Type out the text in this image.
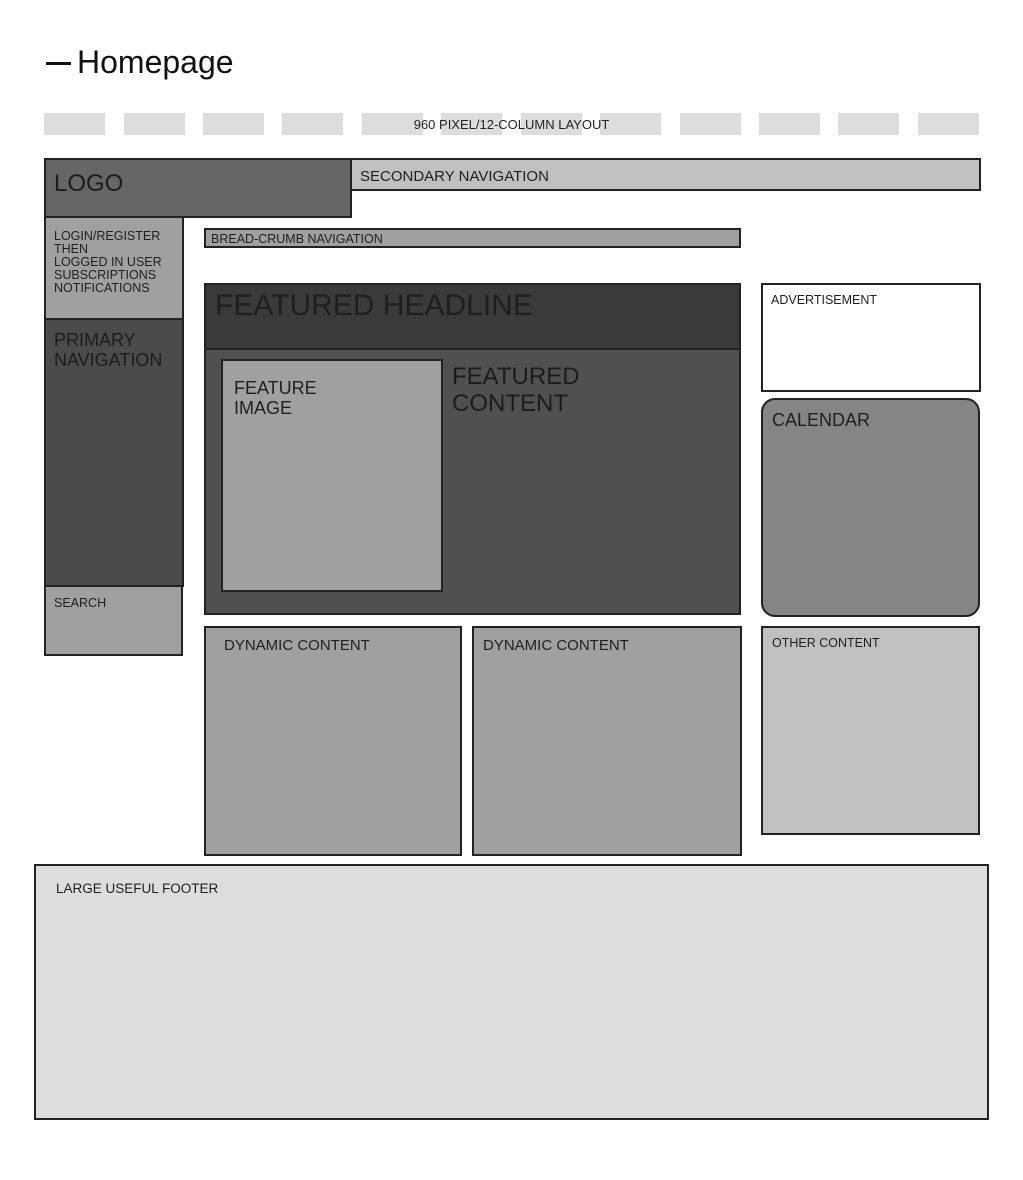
Homepage
960 PIXEL/12-COLUMN LAYOUT
LOGO	SECONDARY NAVIGATION
LOGIN/REGISTER
THEN
LOGGED IN USER
SUBSCRIPTIONS
NOTIFICATIONS
PRIMARY
NAVIGATION
SEARCH
BREAD-CRUMB NAVIGATION
FEATURED HEADLINE
FEATURE
IMAGE
FEATURED
CONTENT
ADVERTISEMENT
CALENDAR
DYNAMIC CONTENT	DYNAMIC CONTENT	OTHER CONTENT
LARGE USEFUL FOOTER
